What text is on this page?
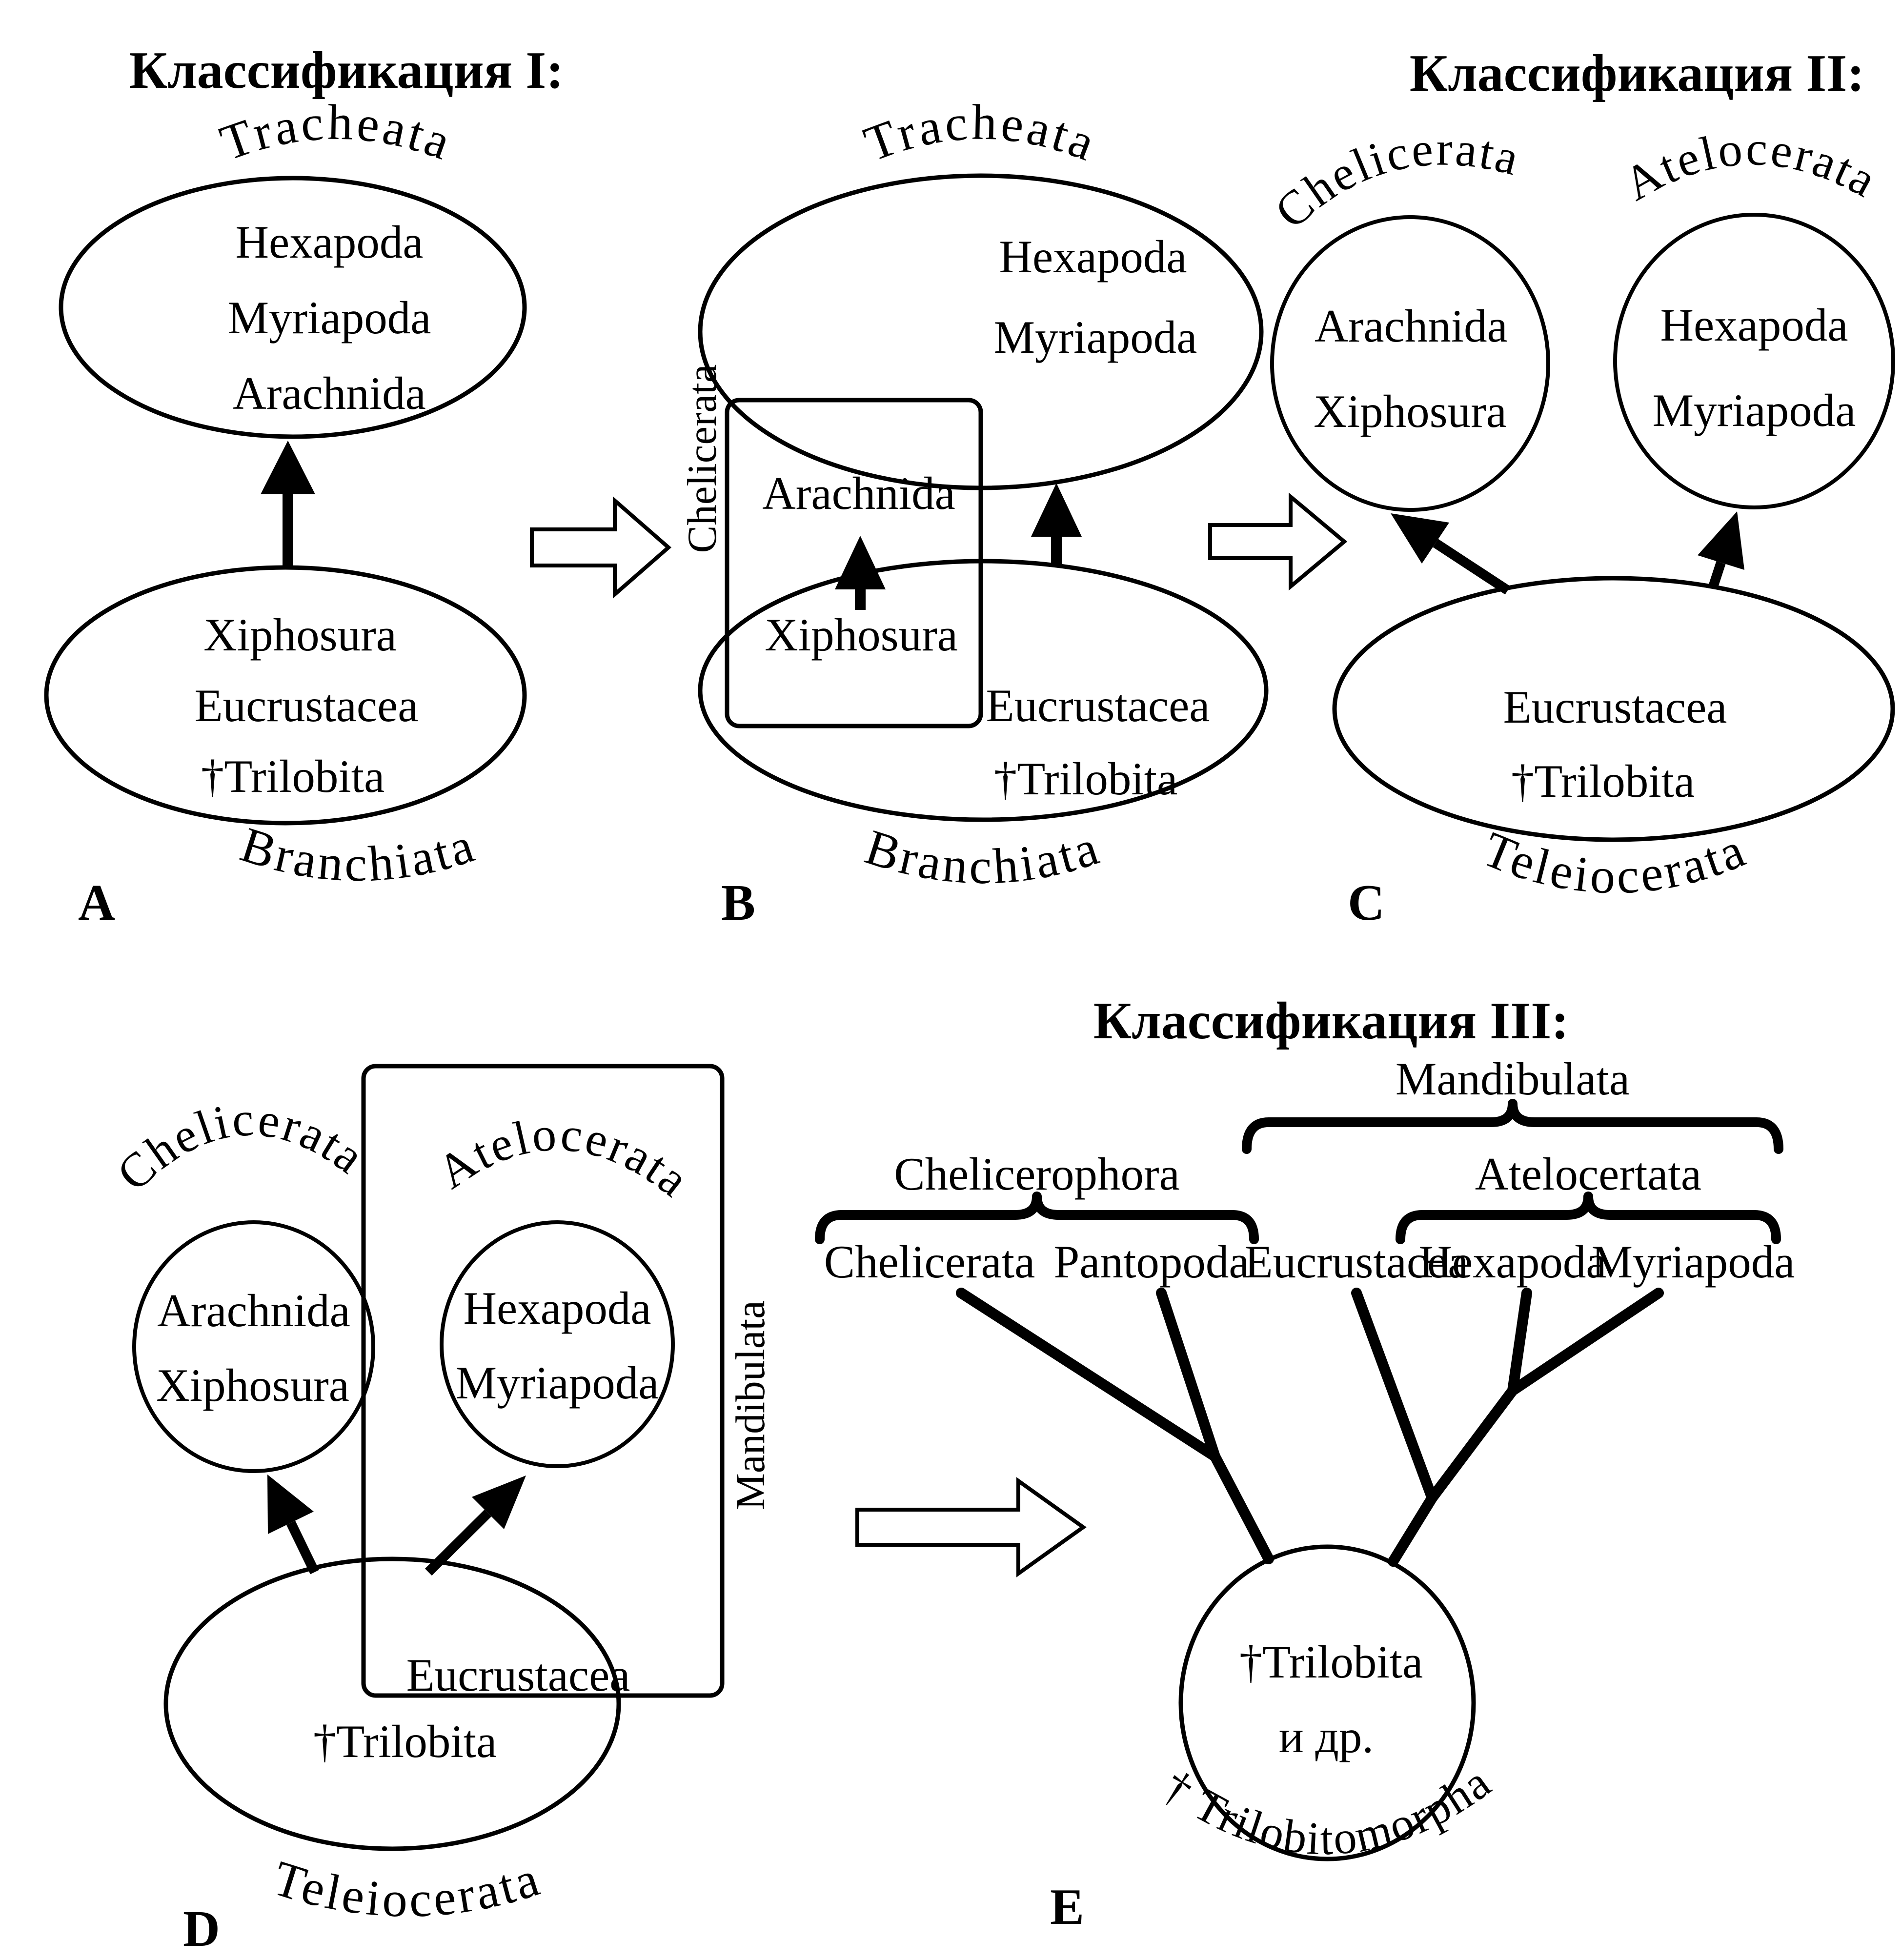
Классификация I:
Tracheata
Hexapoda
Myriapoda
Arachnida
Xiphosura
Eucrustacea
†Trilobita
Branchiata
A
Tracheata
Hexapoda
Myriapoda
Chelicerata Arachnida
Xiphosura
Eucrustacea
†Trilobita
Branchiata
B
Классификация II:
Chelicerata Atelocerata
Arachnida
Xiphosura
Hexapoda
Myriapoda
Eucrustacea
†Trilobita
Teleiocerata
C
Mandibulata
Chelicerata Atelocerata
Arachnida
Xiphosura
Hexapoda
Myriapoda
Eucrustacea
†Trilobita
Teleiocerata
D
Классификация III:
Mandibulata
Chelicerophora	Atelocertata
Chelicerata Pantopoda
Eucrustacea
Hexapoda
Myriapoda
†Trilobita
и др.
† Trilobitomorpha
E
